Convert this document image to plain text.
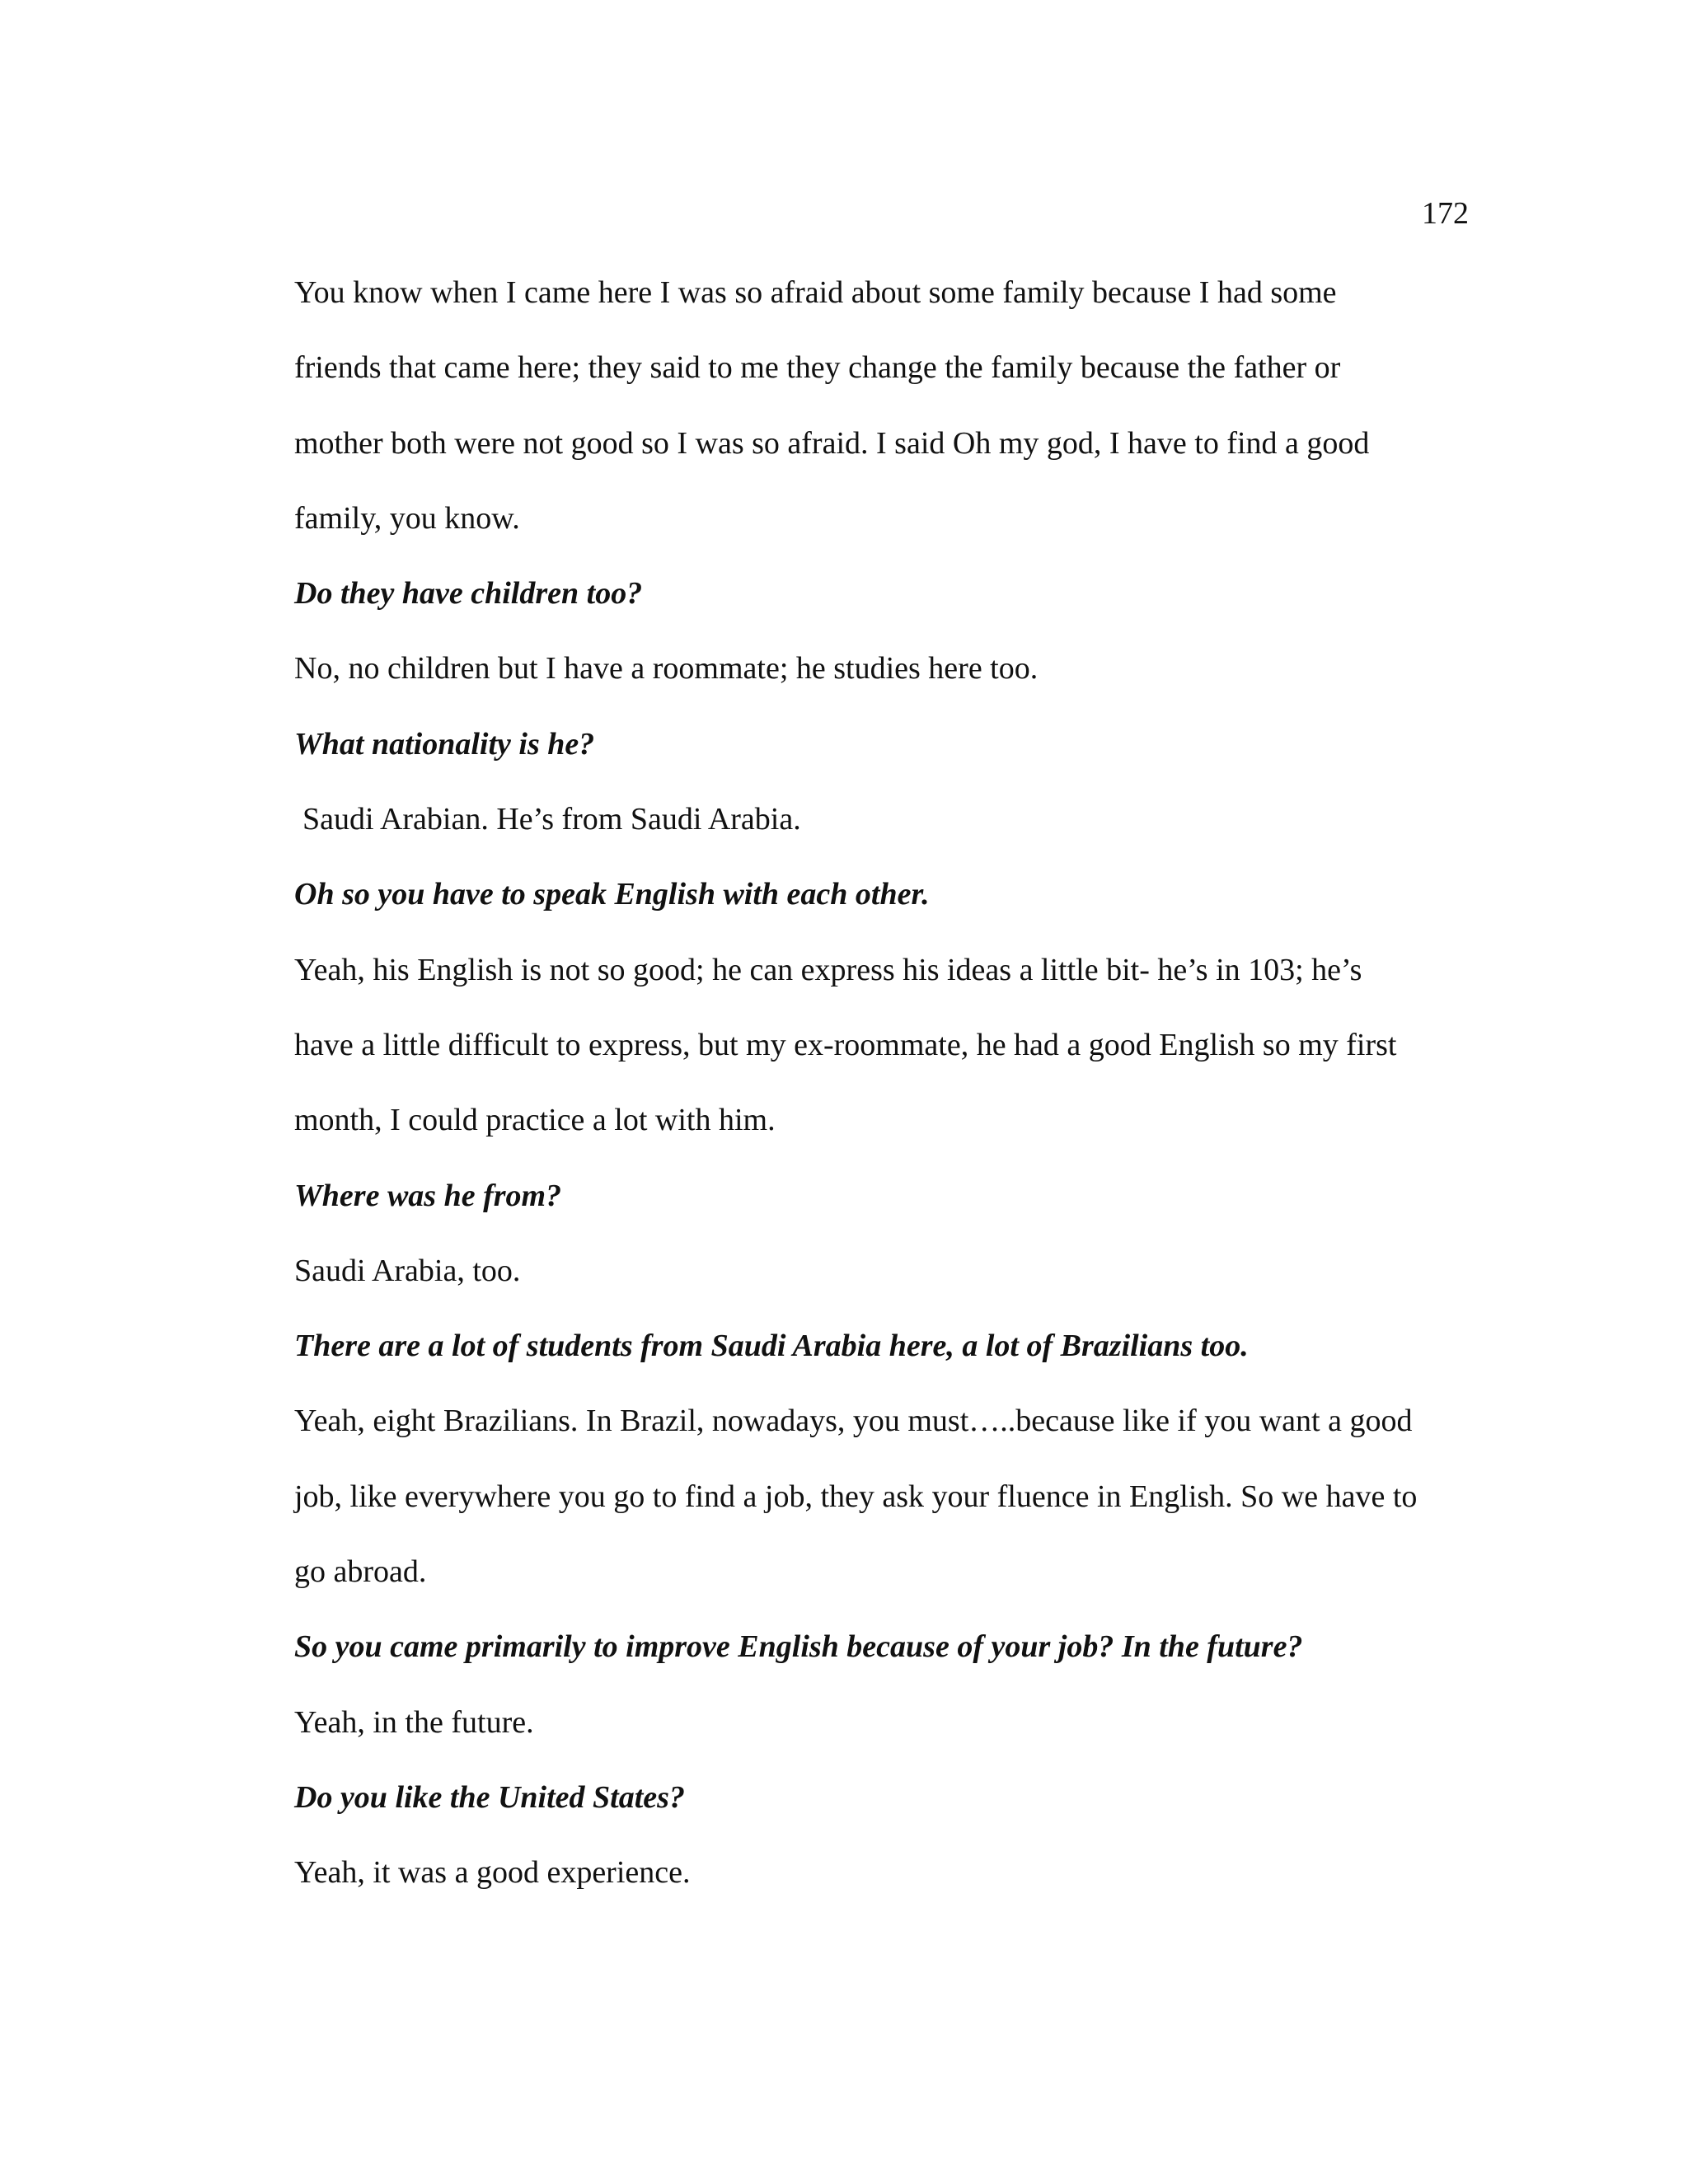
172

You know when I came here I was so afraid about some family because I had some

friends that came here; they said to me they change the family because the father or

mother both were not good so I was so afraid. I said Oh my god, I have to find a good

family, you know.

Do they have children too?

No, no children but I have a roommate; he studies here too.

What nationality is he?

Saudi Arabian. He’s from Saudi Arabia.

Oh so you have to speak English with each other.

Yeah, his English is not so good; he can express his ideas a little bit- he’s in 103; he’s

have a little difficult to express, but my ex-roommate, he had a good English so my first

month, I could practice a lot with him.

Where was he from?

Saudi Arabia, too.

There are a lot of students from Saudi Arabia here, a lot of Brazilians too.

Yeah, eight Brazilians. In Brazil, nowadays, you must…..because like if you want a good

job, like everywhere you go to find a job, they ask your fluence in English. So we have to

go abroad.

So you came primarily to improve English because of your job? In the future?

Yeah, in the future.

Do you like the United States?

Yeah, it was a good experience.
